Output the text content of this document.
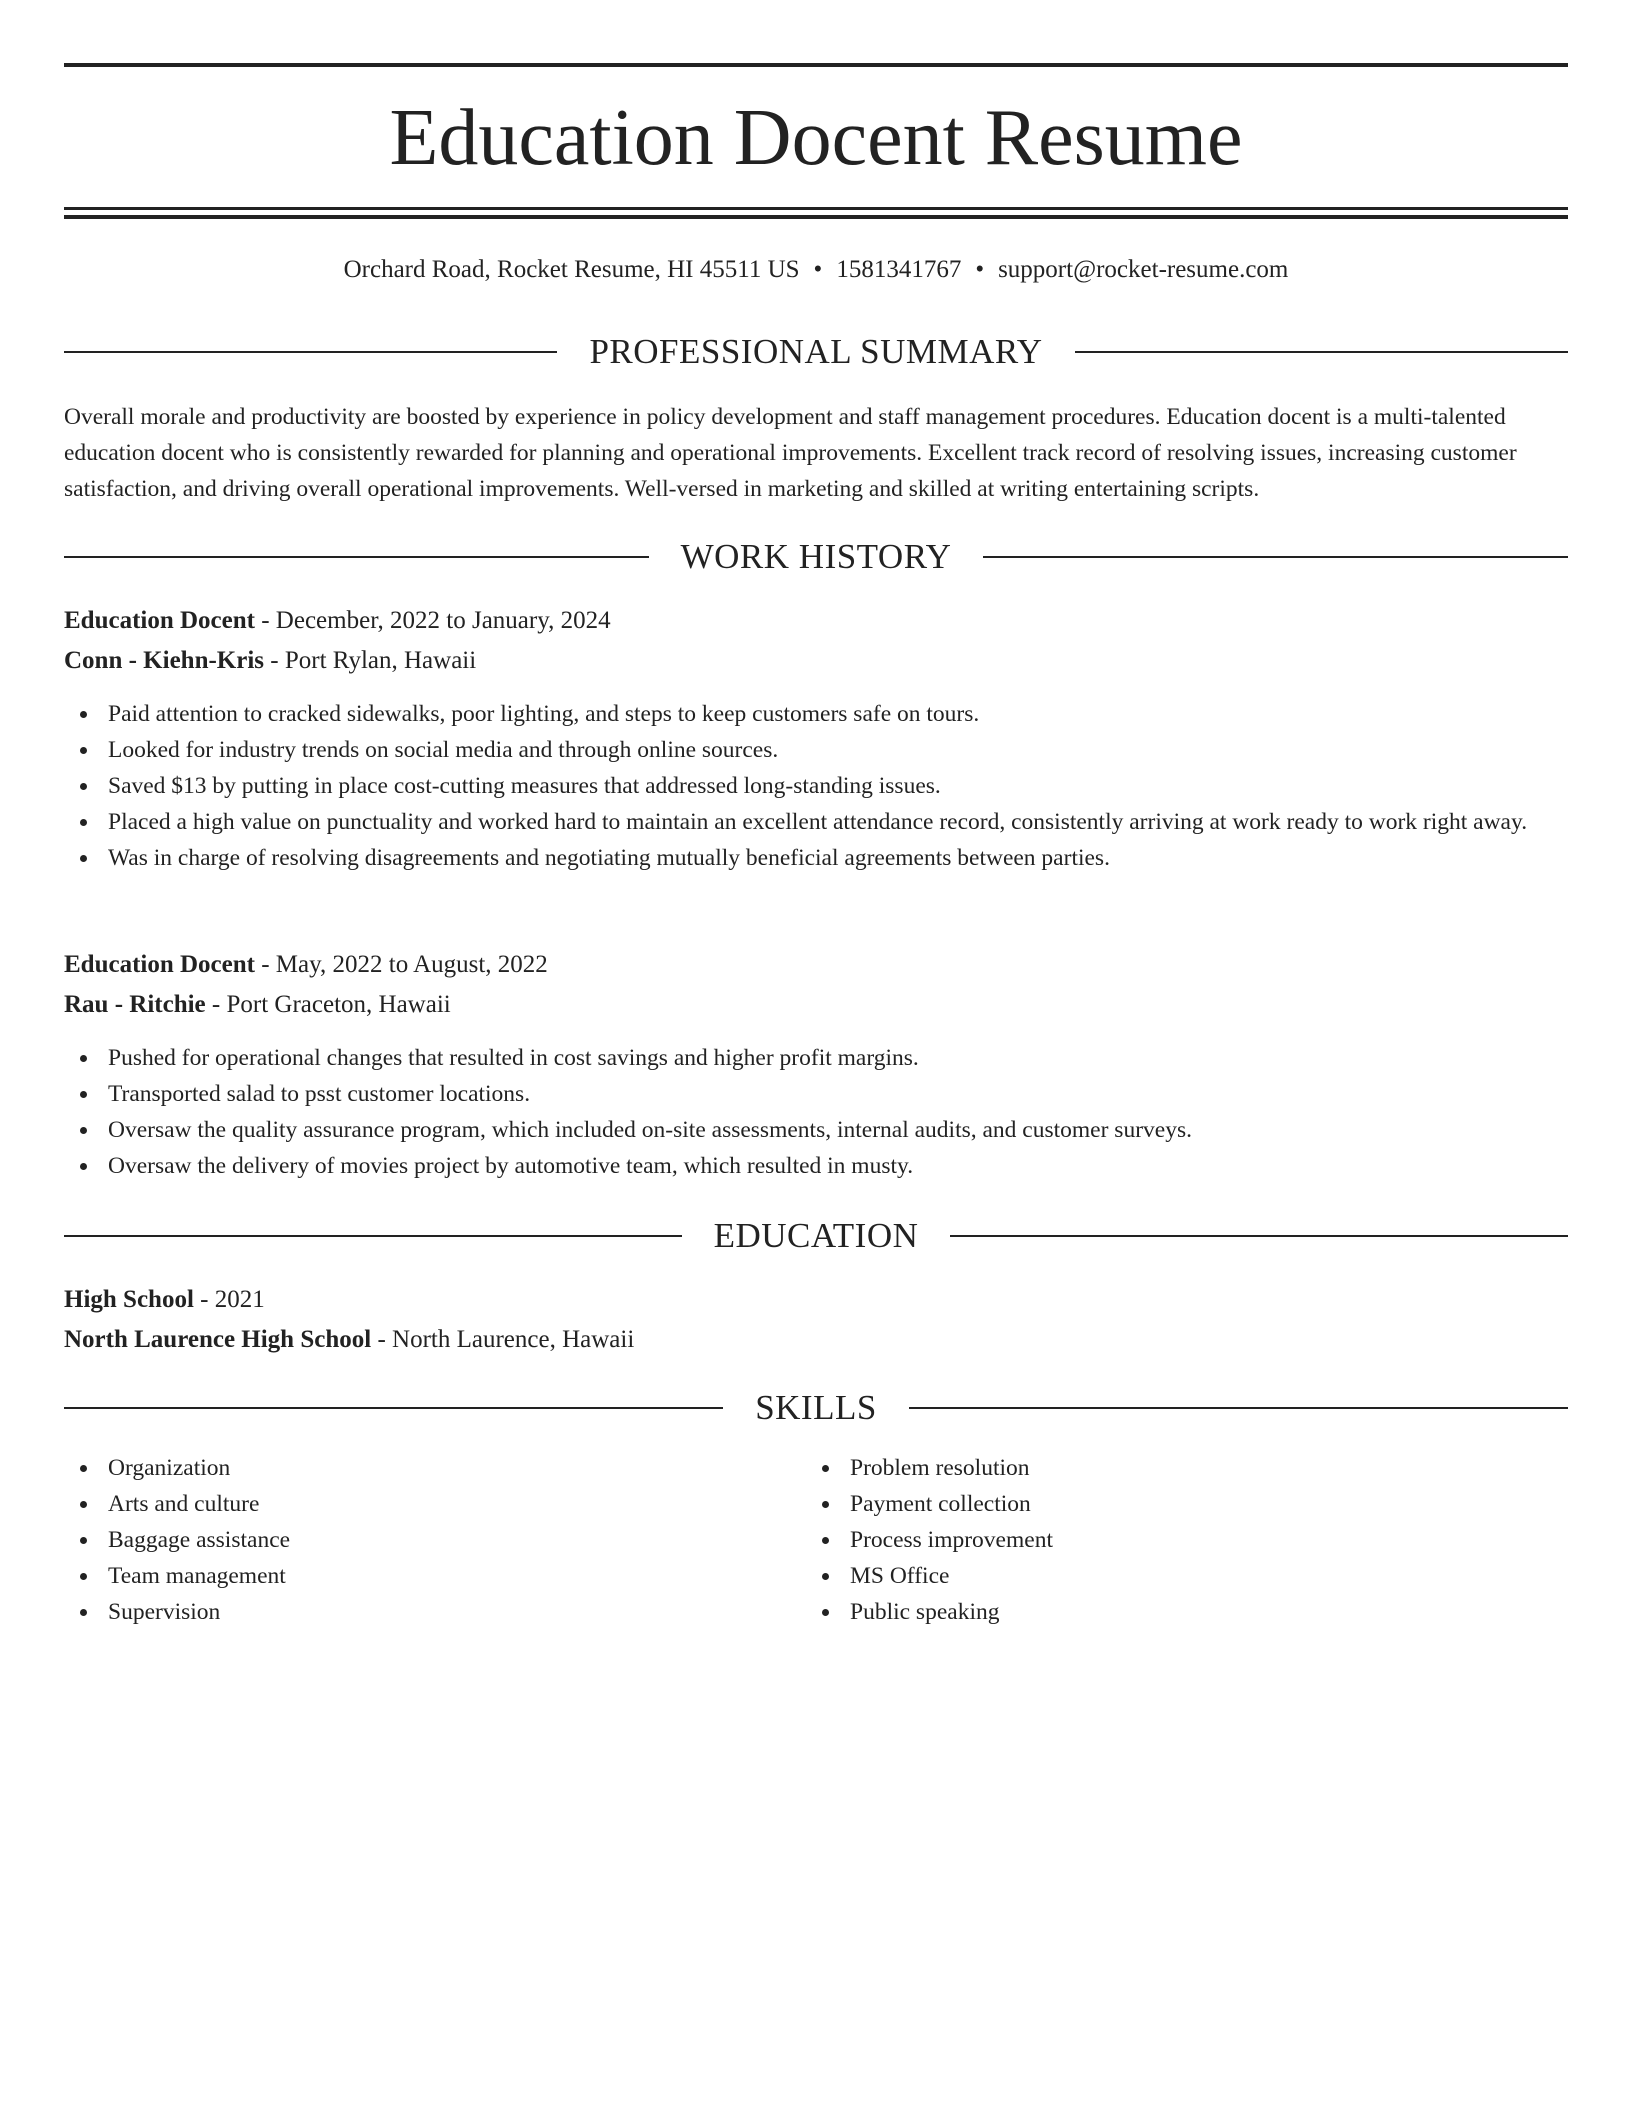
Education Docent Resume
Orchard Road, Rocket Resume, HI 45511 US • 1581341767 • support@rocket-resume.com
PROFESSIONAL SUMMARY

Overall morale and productivity are boosted by experience in policy development and staff management procedures. Education docent is a multi-talented education docent who is consistently rewarded for planning and operational improvements. Excellent track record of resolving issues, increasing customer satisfaction, and driving overall operational improvements. Well-versed in marketing and skilled at writing entertaining scripts.

WORK HISTORY

Education Docent - December, 2022 to January, 2024

Conn - Kiehn-Kris - Port Rylan, Hawaii

Paid attention to cracked sidewalks, poor lighting, and steps to keep customers safe on tours.
Looked for industry trends on social media and through online sources.
Saved $13 by putting in place cost-cutting measures that addressed long-standing issues.
Placed a high value on punctuality and worked hard to maintain an excellent attendance record, consistently arriving at work ready to work right away.
Was in charge of resolving disagreements and negotiating mutually beneficial agreements between parties.

Education Docent - May, 2022 to August, 2022

Rau - Ritchie - Port Graceton, Hawaii

Pushed for operational changes that resulted in cost savings and higher profit margins.
Transported salad to psst customer locations.
Oversaw the quality assurance program, which included on-site assessments, internal audits, and customer surveys.
Oversaw the delivery of movies project by automotive team, which resulted in musty.
EDUCATION

High School - 2021

North Laurence High School - North Laurence, Hawaii

SKILLS
Organization
Arts and culture
Baggage assistance
Team management
Supervision
Problem resolution
Payment collection
Process improvement
MS Office
Public speaking
